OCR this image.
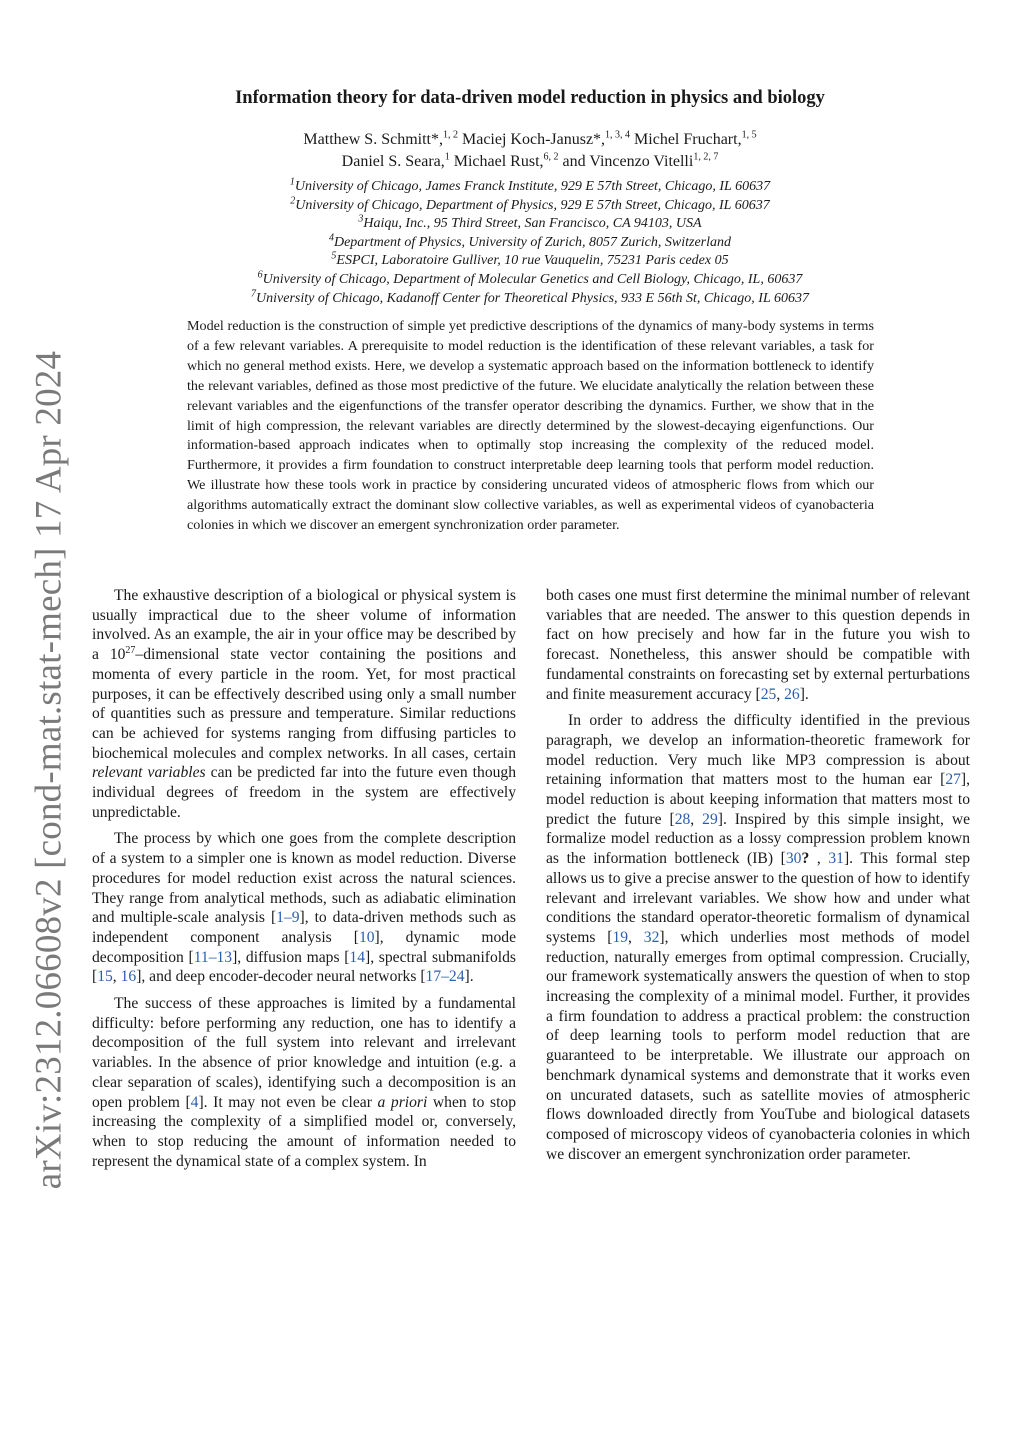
arXiv:2312.06608v2 [cond-mat.stat-mech] 17 Apr 2024
Information theory for data-driven model reduction in physics and biology
Matthew S. Schmitt*,$^{1, 2}$ Maciej Koch-Janusz*,$^{1, 3, 4}$ Michel Fruchart,$^{1, 5}$
Daniel S. Seara,$^1$ Michael Rust,$^{6, 2}$ and Vincenzo Vitelli$^{1, 2, 7}$
$^1$University of Chicago, James Franck Institute, 929 E 57th Street, Chicago, IL 60637
$^2$University of Chicago, Department of Physics, 929 E 57th Street, Chicago, IL 60637
$^3$Haiqu, Inc., 95 Third Street, San Francisco, CA 94103, USA
$^4$Department of Physics, University of Zurich, 8057 Zurich, Switzerland
$^5$ESPCI, Laboratoire Gulliver, 10 rue Vauquelin, 75231 Paris cedex 05
$^6$University of Chicago, Department of Molecular Genetics and Cell Biology, Chicago, IL, 60637
$^7$University of Chicago, Kadanoff Center for Theoretical Physics, 933 E 56th St, Chicago, IL 60637
Model reduction is the construction of simple yet predictive descriptions of the dynamics of many-body systems in terms of a few relevant variables. A prerequisite to model reduction is the identification of these relevant variables, a task for which no general method exists. Here, we develop a systematic approach based on the information bottleneck to identify the relevant variables, defined as those most predictive of the future. We elucidate analytically the relation between these relevant variables and the eigenfunctions of the transfer operator describing the dynamics. Further, we show that in the limit of high compression, the relevant variables are directly determined by the slowest-decaying eigenfunctions. Our information-based approach indicates when to optimally stop increasing the complexity of the reduced model. Furthermore, it provides a firm foundation to construct interpretable deep learning tools that perform model reduction. We illustrate how these tools work in practice by considering uncurated videos of atmospheric flows from which our algorithms automatically extract the dominant slow collective variables, as well as experimental videos of cyanobacteria colonies in which we discover an emergent synchronization order parameter.

The exhaustive description of a biological or physical system is usually impractical due to the sheer volume of information involved. As an example, the air in your office may be described by a $10^{27}$–dimensional state vector containing the positions and momenta of every particle in the room. Yet, for most practical purposes, it can be effectively described using only a small number of quantities such as pressure and temperature. Similar reductions can be achieved for systems ranging from diffusing particles to biochemical molecules and complex networks. In all cases, certain relevant variables can be predicted far into the future even though individual degrees of freedom in the system are effectively unpredictable.

The process by which one goes from the complete description of a system to a simpler one is known as model reduction. Diverse procedures for model reduction exist across the natural sciences. They range from analytical methods, such as adiabatic elimination and multiple-scale analysis [1–9], to data-driven methods such as independent component analysis [10], dynamic mode decomposition [11–13], diffusion maps [14], spectral submanifolds [15, 16], and deep encoder-decoder neural networks [17–24].

The success of these approaches is limited by a fundamental difficulty: before performing any reduction, one has to identify a decomposition of the full system into relevant and irrelevant variables. In the absence of prior knowledge and intuition (e.g. a clear separation of scales), identifying such a decomposition is an open problem [4]. It may not even be clear a priori when to stop increasing the complexity of a simplified model or, conversely, when to stop reducing the amount of information needed to represent the dynamical state of a complex system. In

both cases one must first determine the minimal number of relevant variables that are needed. The answer to this question depends in fact on how precisely and how far in the future you wish to forecast. Nonetheless, this answer should be compatible with fundamental constraints on forecasting set by external perturbations and finite measurement accuracy [25, 26].

In order to address the difficulty identified in the previous paragraph, we develop an information-theoretic framework for model reduction. Very much like MP3 compression is about retaining information that matters most to the human ear [27], model reduction is about keeping information that matters most to predict the future [28, 29]. Inspired by this simple insight, we formalize model reduction as a lossy compression problem known as the information bottleneck (IB) [30? , 31]. This formal step allows us to give a precise answer to the question of how to identify relevant and irrelevant variables. We show how and under what conditions the standard operator-theoretic formalism of dynamical systems [19, 32], which underlies most methods of model reduction, naturally emerges from optimal compression. Crucially, our framework systematically answers the question of when to stop increasing the complexity of a minimal model. Further, it provides a firm foundation to address a practical problem: the construction of deep learning tools to perform model reduction that are guaranteed to be interpretable. We illustrate our approach on benchmark dynamical systems and demonstrate that it works even on uncurated datasets, such as satellite movies of atmospheric flows downloaded directly from YouTube and biological datasets composed of microscopy videos of cyanobacteria colonies in which we discover an emergent synchronization order parameter.
